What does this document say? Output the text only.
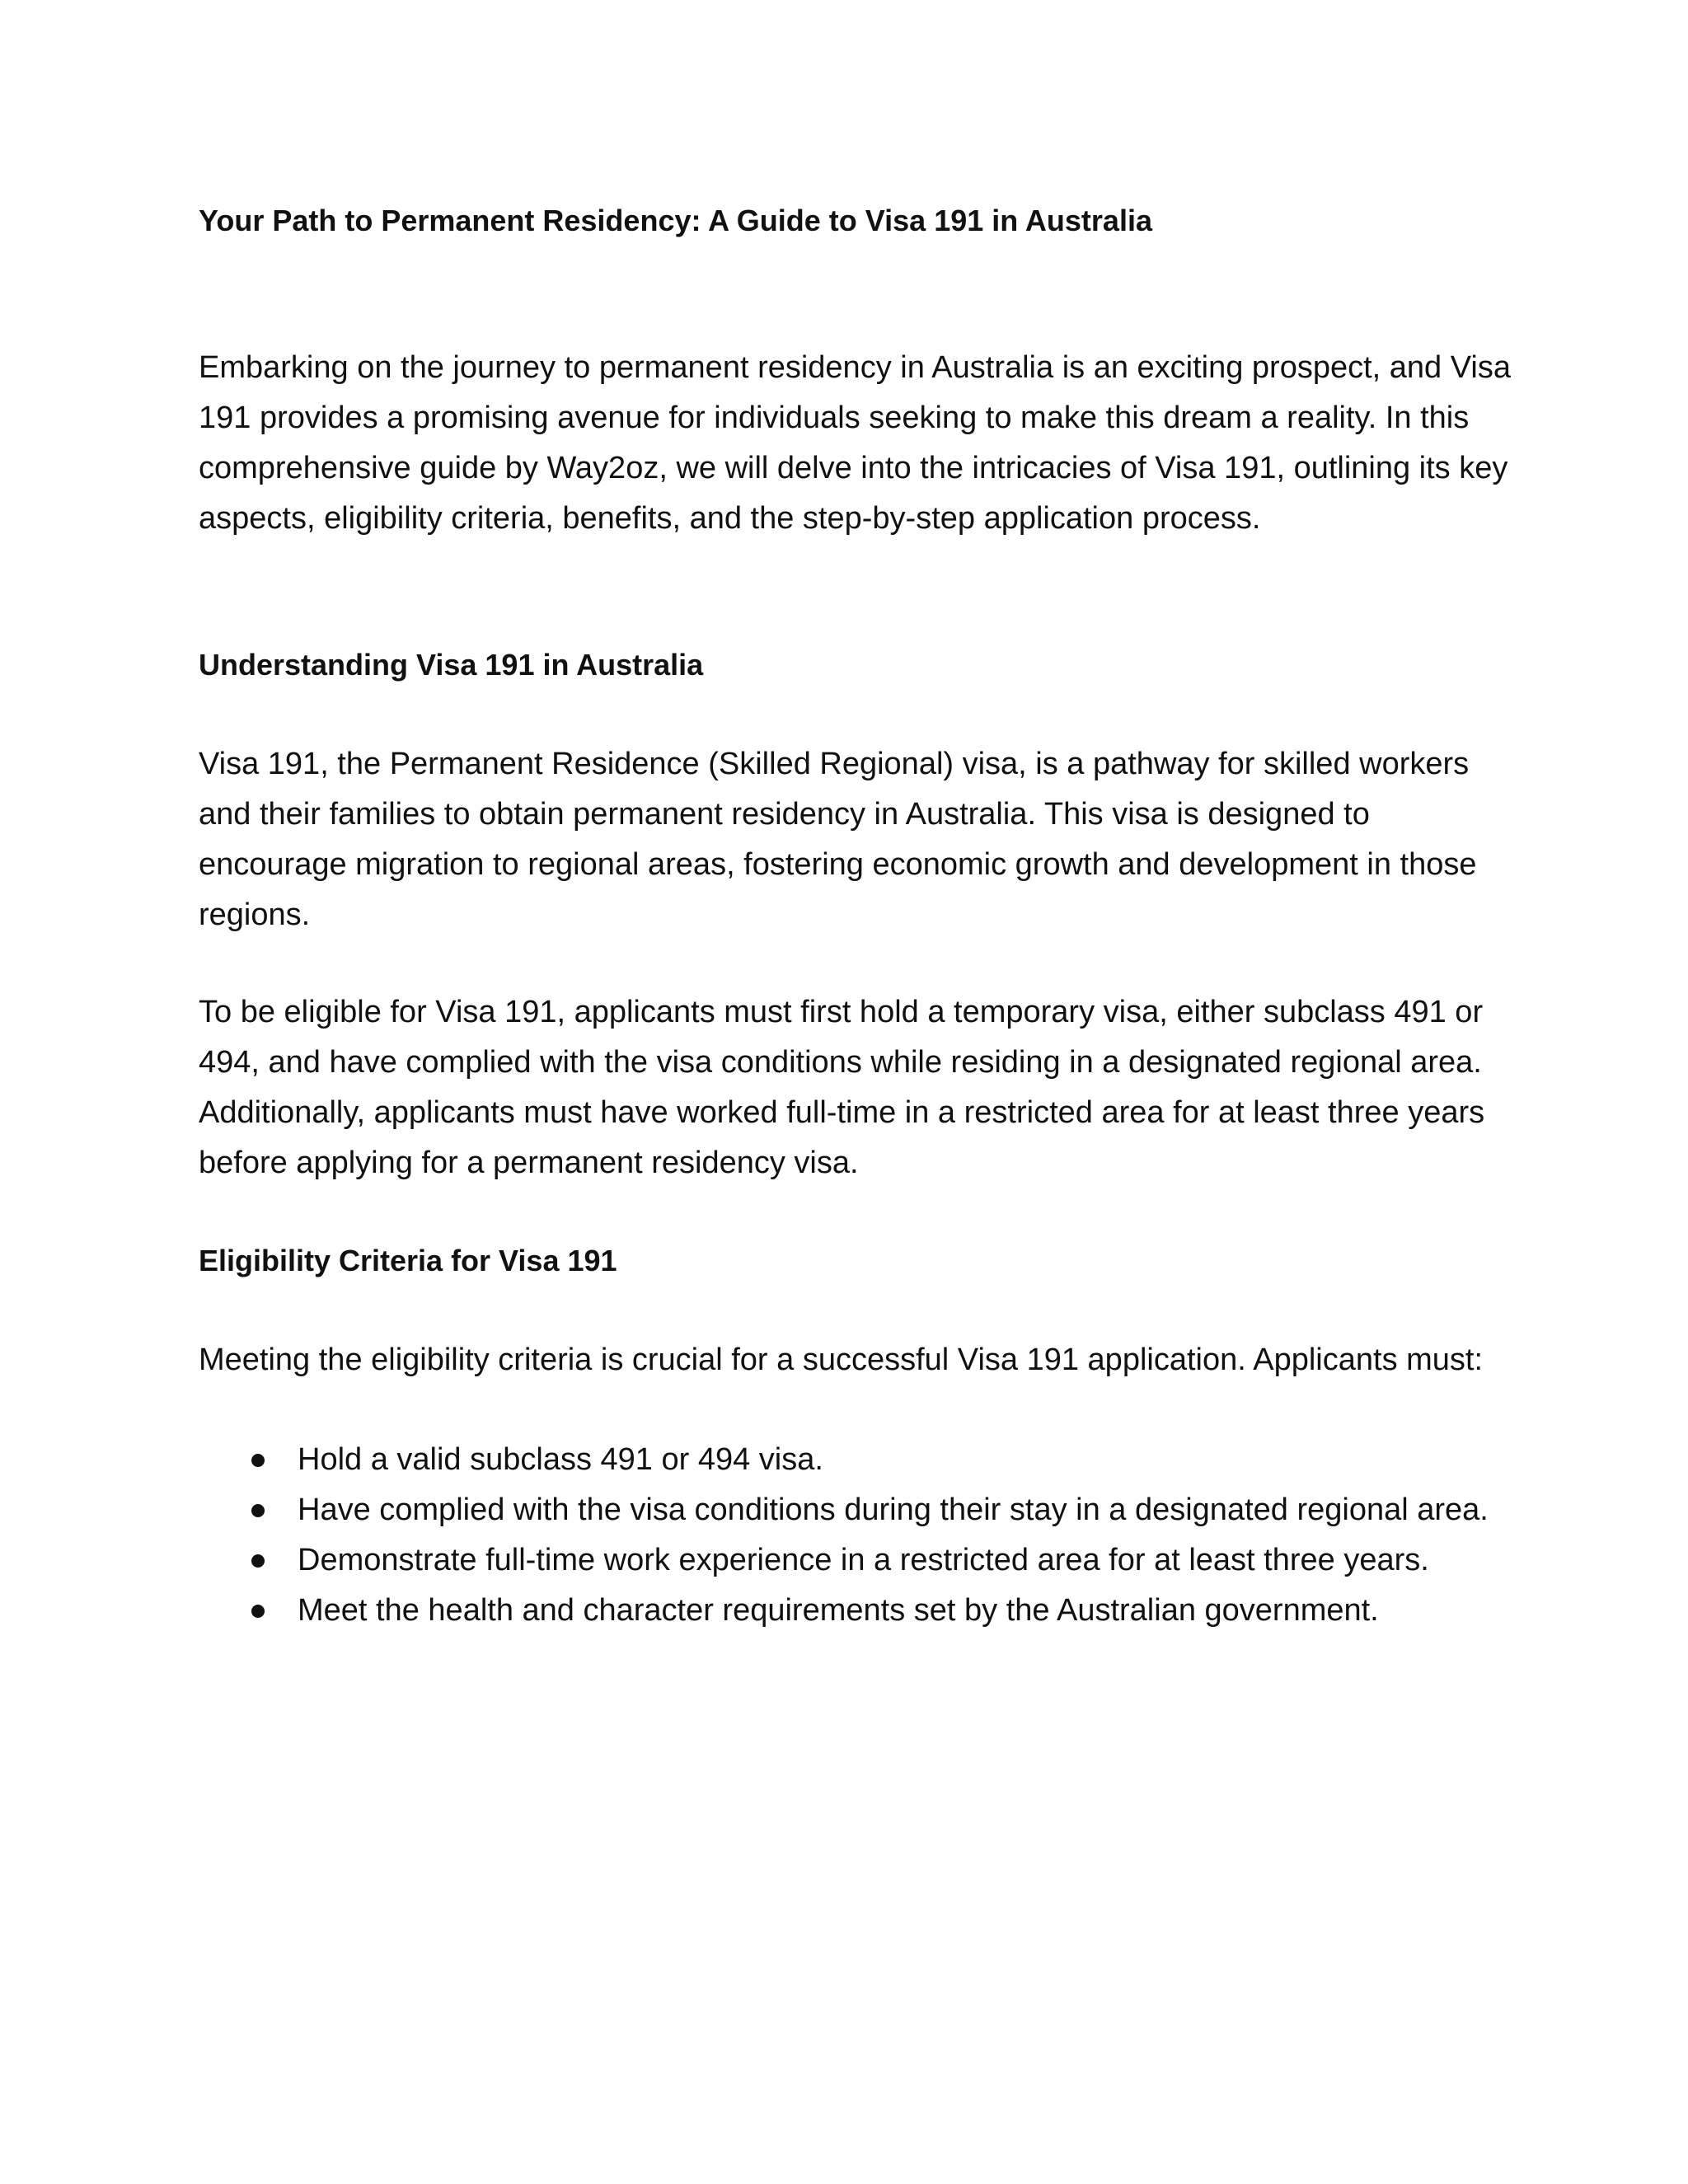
Your Path to Permanent Residency: A Guide to Visa 191 in Australia

Embarking on the journey to permanent residency in Australia is an exciting prospect, and Visa 191 provides a promising avenue for individuals seeking to make this dream a reality. In this comprehensive guide by Way2oz, we will delve into the intricacies of Visa 191, outlining its key aspects, eligibility criteria, benefits, and the step-by-step application process.

Understanding Visa 191 in Australia

Visa 191, the Permanent Residence (Skilled Regional) visa, is a pathway for skilled workers and their families to obtain permanent residency in Australia. This visa is designed to encourage migration to regional areas, fostering economic growth and development in those regions.

To be eligible for Visa 191, applicants must first hold a temporary visa, either subclass 491 or 494, and have complied with the visa conditions while residing in a designated regional area. Additionally, applicants must have worked full-time in a restricted area for at least three years before applying for a permanent residency visa.

Eligibility Criteria for Visa 191

Meeting the eligibility criteria is crucial for a successful Visa 191 application. Applicants must:

Hold a valid subclass 491 or 494 visa.
Have complied with the visa conditions during their stay in a designated regional area.
Demonstrate full-time work experience in a restricted area for at least three years.
Meet the health and character requirements set by the Australian government.
